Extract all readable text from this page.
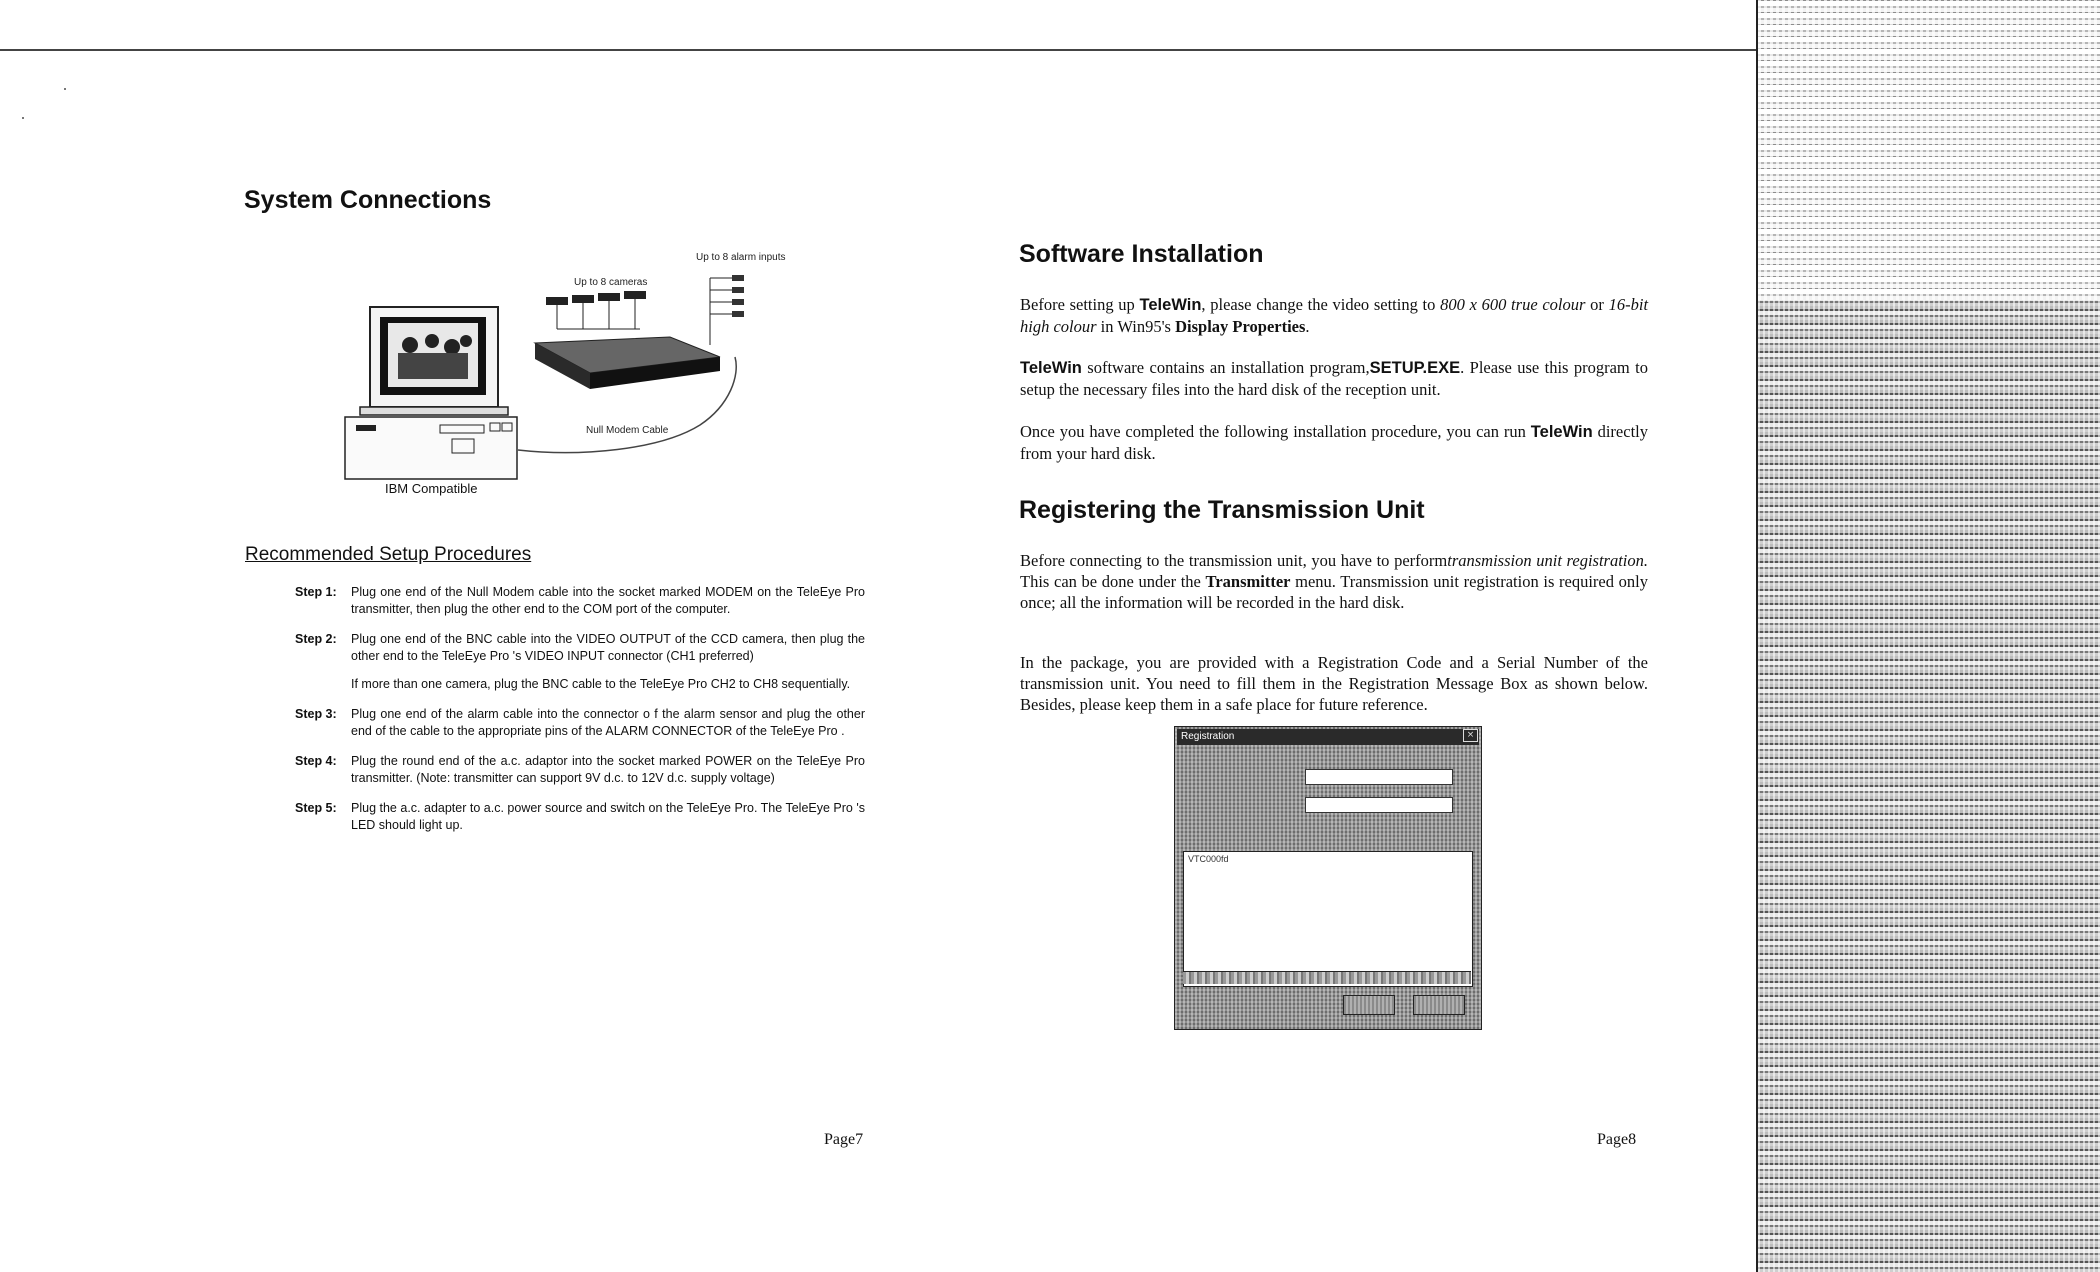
System Connections
Up to 8 alarm inputs
Up to 8 cameras
Null Modem Cable
IBM Compatible
Recommended Setup Procedures
Step 1:	Plug one end of the Null Modem cable into the socket marked MODEM on the TeleEye Pro transmitter, then plug the other end to the COM port of the computer.
Step 2:	Plug one end of the BNC cable into the VIDEO OUTPUT of the CCD camera, then plug the other end to the TeleEye Pro 's VIDEO INPUT connector (CH1 preferred)
If more than one camera, plug the BNC cable to the TeleEye Pro CH2 to CH8 sequentially.
Step 3:	Plug one end of the alarm cable into the connector o f the alarm sensor and plug the other end of the cable to the appropriate pins of the ALARM CONNECTOR of the TeleEye Pro .
Step 4:	Plug the round end of the a.c. adaptor into the socket marked POWER on the TeleEye Pro transmitter. (Note: transmitter can support 9V d.c. to 12V d.c. supply voltage)
Step 5:	Plug the a.c. adapter to a.c. power source and switch on the TeleEye Pro. The TeleEye Pro 's LED should light up.
Page7
Software Installation

Before setting up TeleWin, please change the video setting to 800 x 600 true colour or 16-bit high colour in Win95's Display Properties.

TeleWin software contains an installation program,SETUP.EXE. Please use this program to setup the necessary files into the hard disk of the reception unit.

Once you have completed the following installation procedure, you can run TeleWin directly from your hard disk.

Registering the Transmission Unit

Before connecting to the transmission unit, you have to performtransmission unit registration. This can be done under the Transmitter menu. Transmission unit registration is required only once; all the information will be recorded in the hard disk.

In the package, you are provided with a Registration Code and a Serial Number of the transmission unit. You need to fill them in the Registration Message Box as shown below. Besides, please keep them in a safe place for future reference.

Registration	×
VTC000fd
Page8
